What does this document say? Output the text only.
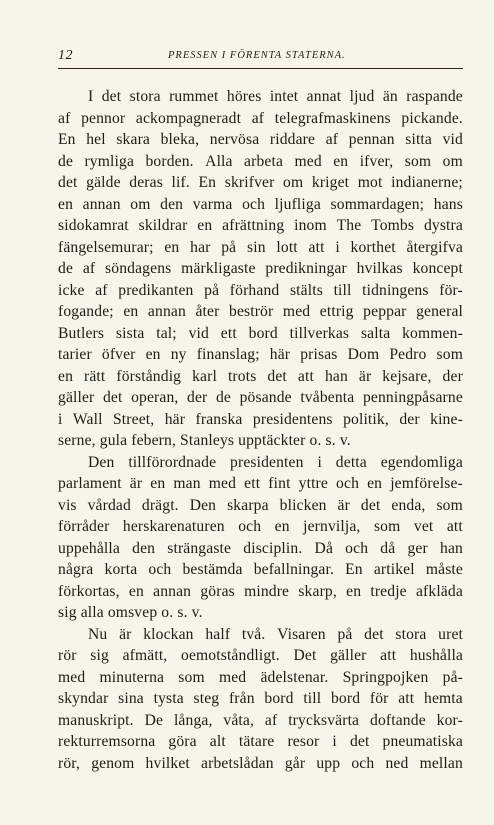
12	PRESSEN I FÖRENTA STATERNA.
I det stora rummet höres intet annat ljud än raspande
af pennor ackompagneradt af telegrafmaskinens pickande.
En hel skara bleka, nervösa riddare af pennan sitta vid
de rymliga borden. Alla arbeta med en ifver, som om
det gälde deras lif. En skrifver om kriget mot indianerne;
en annan om den varma och ljufliga sommardagen; hans
sidokamrat skildrar en afrättning inom The Tombs dystra
fängelsemurar; en har på sin lott att i korthet återgifva
de af söndagens märkligaste predikningar hvilkas koncept
icke af predikanten på förhand stälts till tidningens för-
fogande; en annan åter beströr med ettrig peppar general
Butlers sista tal; vid ett bord tillverkas salta kommen-
tarier öfver en ny finanslag; här prisas Dom Pedro som
en rätt förståndig karl trots det att han är kejsare, der
gäller det operan, der de pösande tvåbenta penningpåsarne
i Wall Street, här franska presidentens politik, der kine-
serne, gula febern, Stanleys upptäckter o. s. v.
Den tillförordnade presidenten i detta egendomliga
parlament är en man med ett fint yttre och en jemförelse-
vis vårdad drägt. Den skarpa blicken är det enda, som
förråder herskarenaturen och en jernvilja, som vet att
uppehålla den strängaste disciplin. Då och då ger han
några korta och bestämda befallningar. En artikel måste
förkortas, en annan göras mindre skarp, en tredje afkläda
sig alla omsvep o. s. v.
Nu är klockan half två. Visaren på det stora uret
rör sig afmätt, oemotståndligt. Det gäller att hushålla
med minuterna som med ädelstenar. Springpojken på-
skyndar sina tysta steg från bord till bord för att hemta
manuskript. De långa, våta, af trycksvärta doftande kor-
rekturremsorna göra alt tätare resor i det pneumatiska
rör, genom hvilket arbetslådan går upp och ned mellan
